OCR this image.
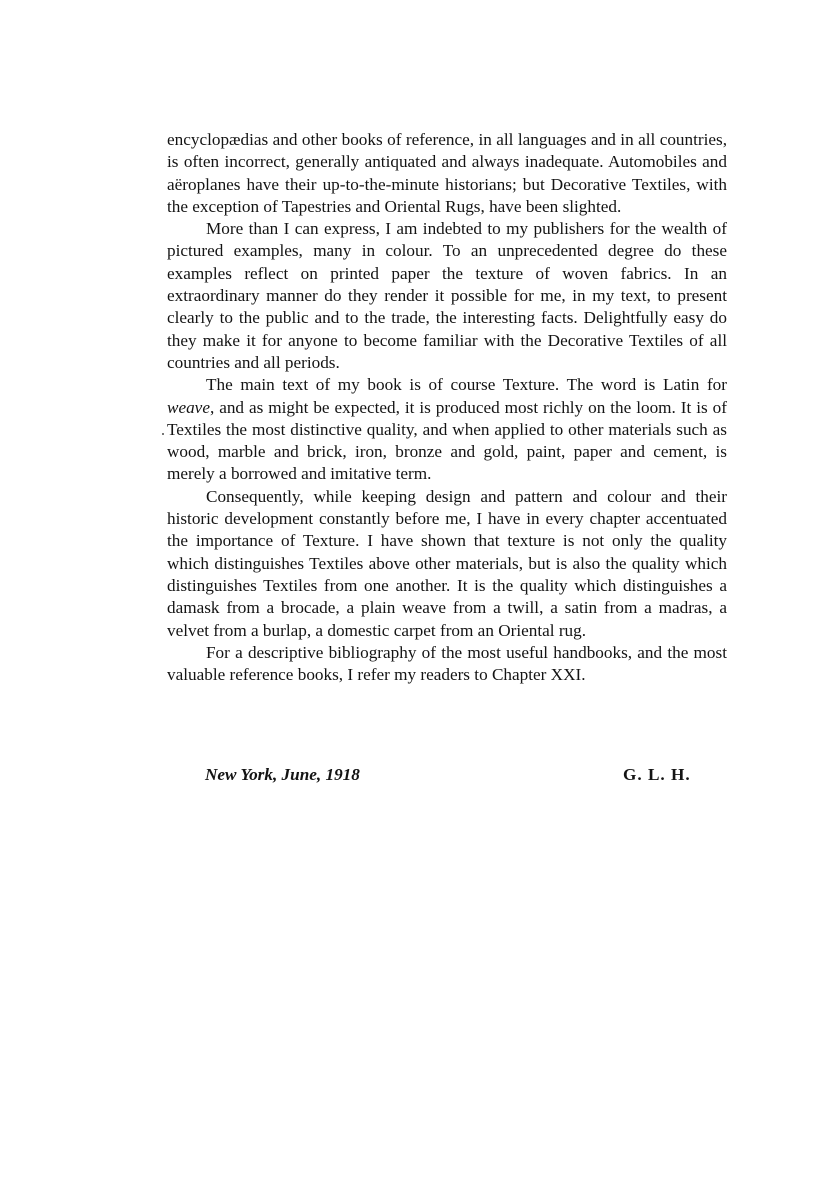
encyclopædias and other books of reference, in all languages and in all countries, is often incorrect, generally antiquated and always inadequate. Automobiles and aëroplanes have their up-to-the-minute historians; but Decorative Textiles, with the exception of Tapestries and Oriental Rugs, have been slighted.

More than I can express, I am indebted to my publishers for the wealth of pictured examples, many in colour. To an unprecedented degree do these examples reflect on printed paper the texture of woven fabrics. In an extraordinary manner do they render it possible for me, in my text, to present clearly to the public and to the trade, the interesting facts. Delightfully easy do they make it for anyone to become familiar with the Decorative Textiles of all countries and all periods.

The main text of my book is of course Texture. The word is Latin for weave, and as might be expected, it is produced most richly on the loom. It is of Textiles the most distinctive quality, and when applied to other materials such as wood, marble and brick, iron, bronze and gold, paint, paper and cement, is merely a borrowed and imitative term.

Consequently, while keeping design and pattern and colour and their historic development constantly before me, I have in every chapter accentuated the importance of Texture. I have shown that texture is not only the quality which distinguishes Textiles above other materials, but is also the quality which distinguishes Textiles from one another. It is the quality which distinguishes a damask from a brocade, a plain weave from a twill, a satin from a madras, a velvet from a burlap, a domestic carpet from an Oriental rug.

For a descriptive bibliography of the most useful handbooks, and the most valuable reference books, I refer my readers to Chapter XXI.

New York, June, 1918	G. L. H.
